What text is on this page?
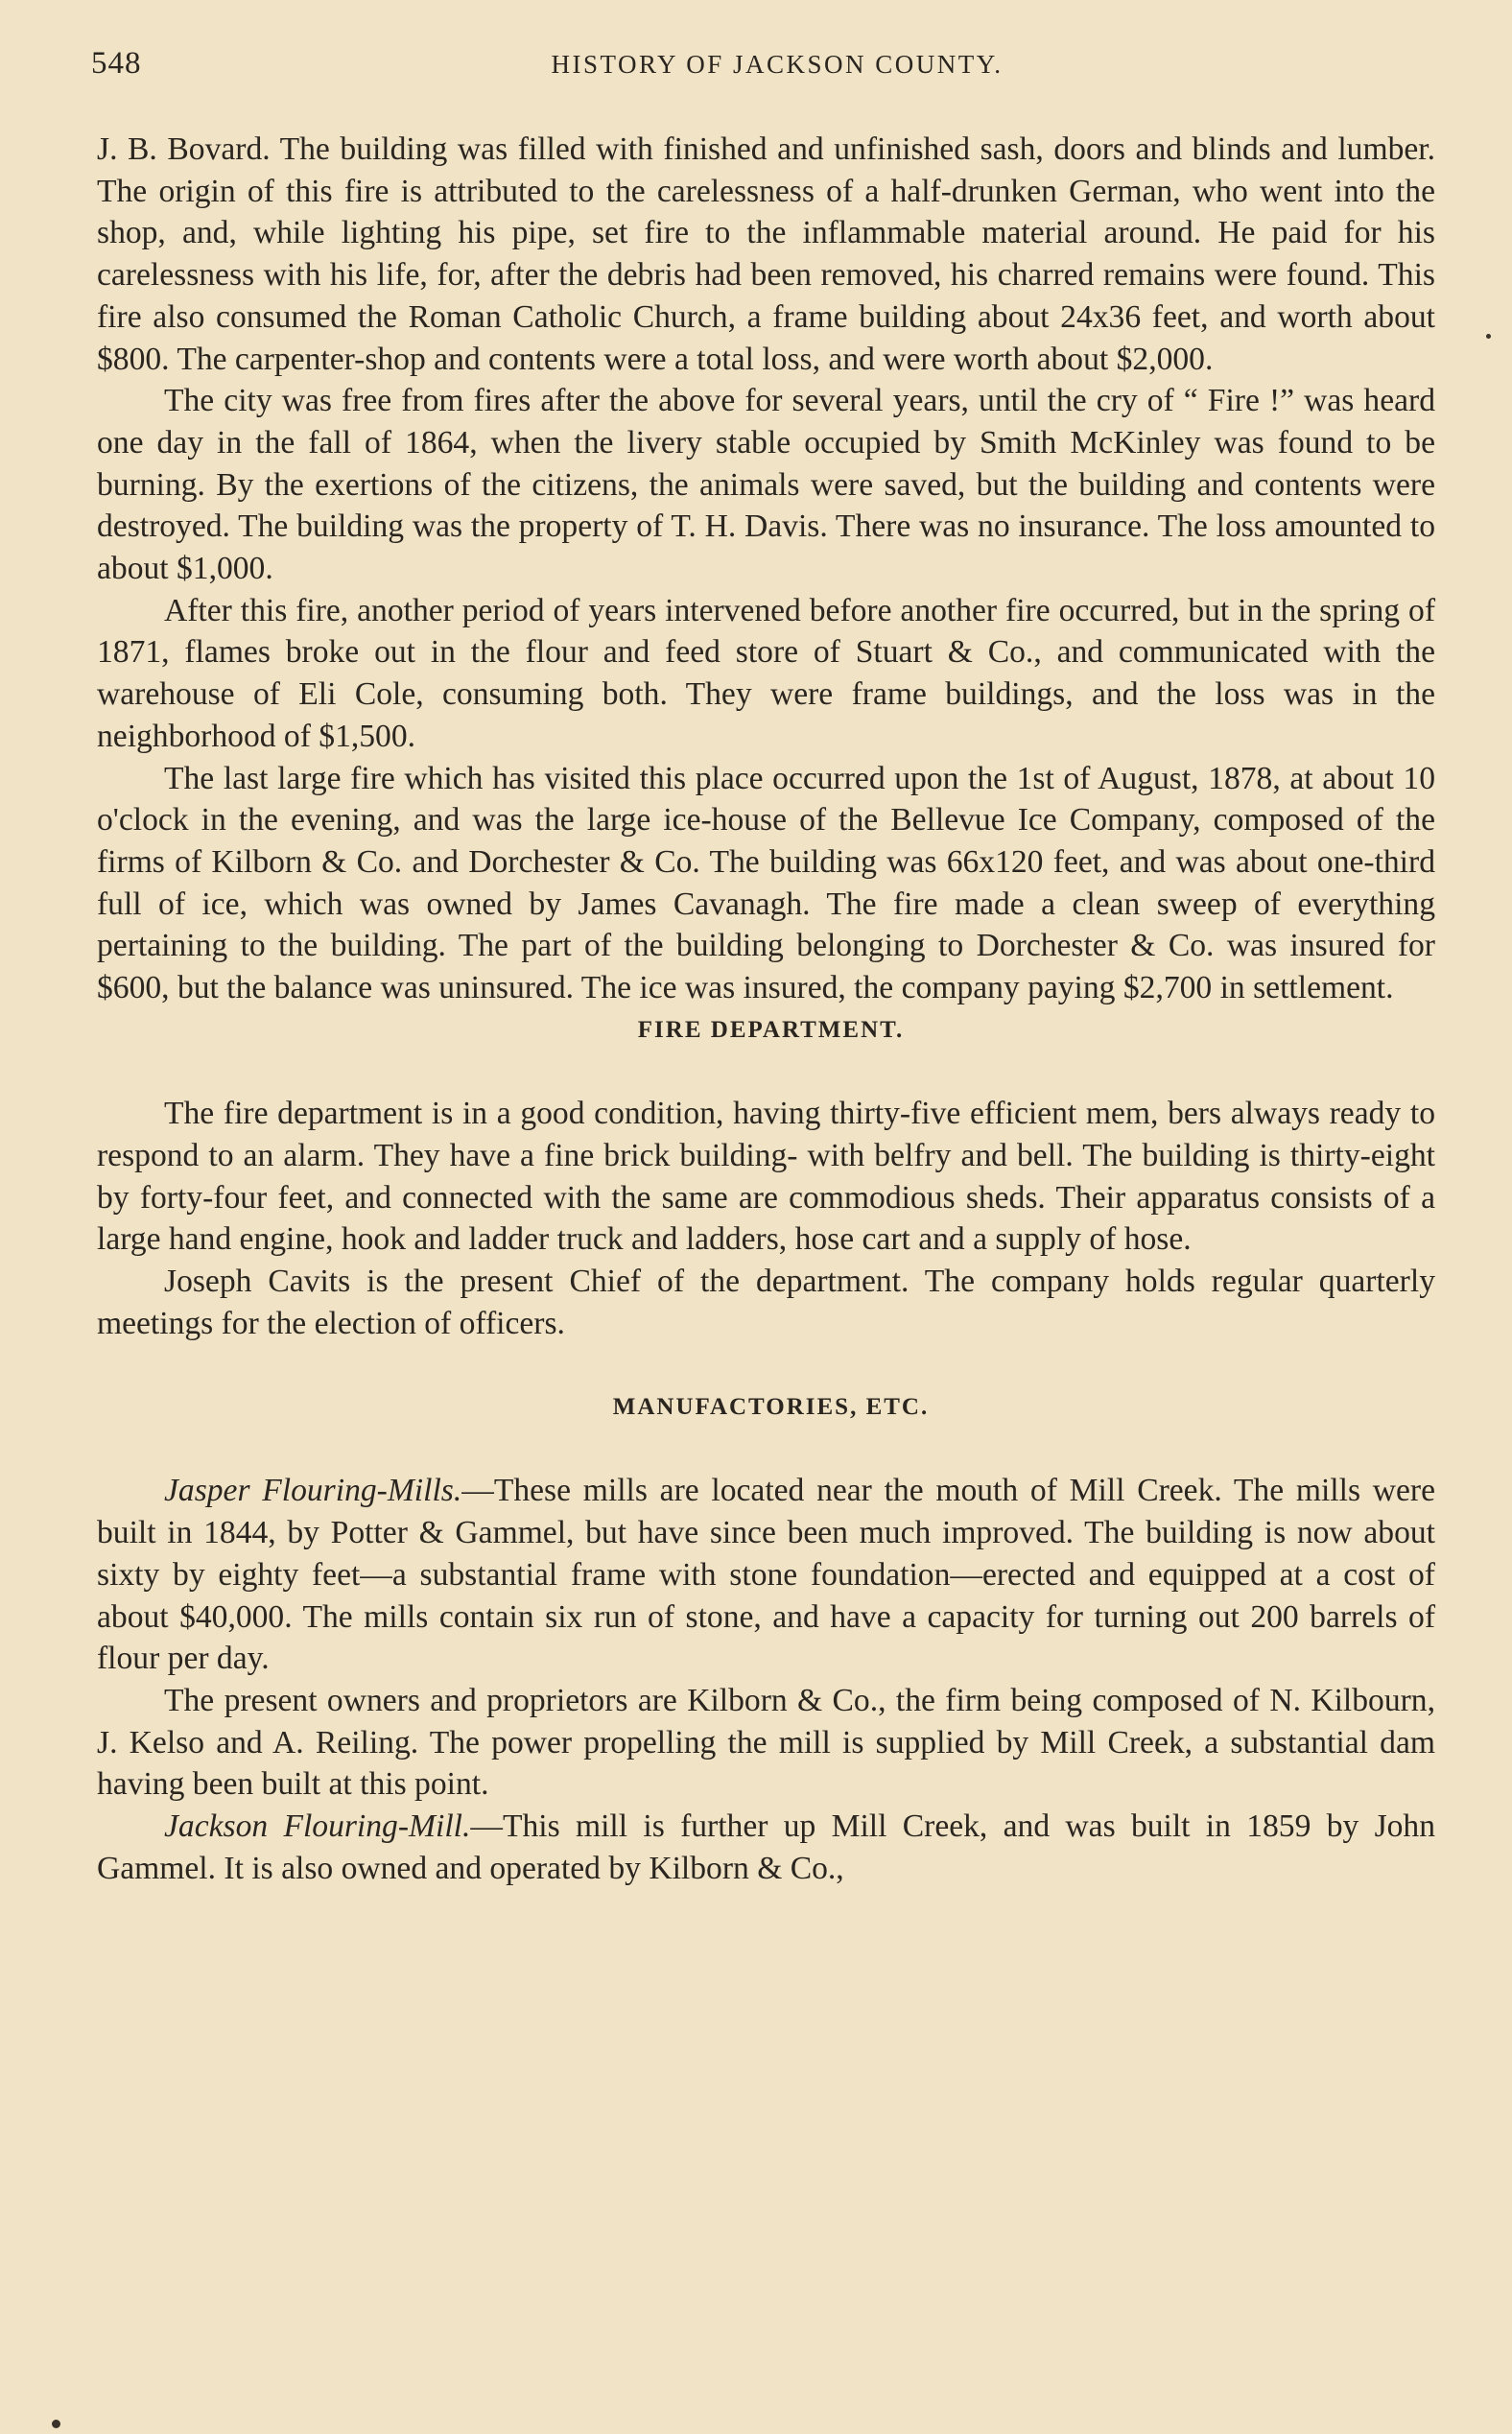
548	HISTORY OF JACKSON COUNTY.

J. B. Bovard. The building was filled with finished and unfinished sash, doors and blinds and lumber. The origin of this fire is attributed to the carelessness of a half-drunken German, who went into the shop, and, while lighting his pipe, set fire to the inflammable material around. He paid for his carelessness with his life, for, after the debris had been removed, his charred remains were found. This fire also consumed the Roman Catholic Church, a frame building about 24x36 feet, and worth about $800. The carpenter-shop and contents were a total loss, and were worth about $2,000.

The city was free from fires after the above for several years, until the cry of “ Fire !” was heard one day in the fall of 1864, when the livery stable occupied by Smith McKinley was found to be burning. By the exertions of the citizens, the animals were saved, but the building and contents were destroyed. The building was the property of T. H. Davis. There was no insurance. The loss amounted to about $1,000.

After this fire, another period of years intervened before another fire occurred, but in the spring of 1871, flames broke out in the flour and feed store of Stuart & Co., and communicated with the warehouse of Eli Cole, consuming both. They were frame buildings, and the loss was in the neighborhood of $1,500.

The last large fire which has visited this place occurred upon the 1st of August, 1878, at about 10 o'clock in the evening, and was the large ice-house of the Bellevue Ice Company, composed of the firms of Kilborn & Co. and Dorchester & Co. The building was 66x120 feet, and was about one-third full of ice, which was owned by James Cavanagh. The fire made a clean sweep of everything pertaining to the building. The part of the building belonging to Dorchester & Co. was insured for $600, but the balance was uninsured. The ice was insured, the company paying $2,700 in settlement.

FIRE DEPARTMENT.

The fire department is in a good condition, having thirty-five efficient mem, bers always ready to respond to an alarm. They have a fine brick building- with belfry and bell. The building is thirty-eight by forty-four feet, and connected with the same are commodious sheds. Their apparatus consists of a large hand engine, hook and ladder truck and ladders, hose cart and a supply of hose.

Joseph Cavits is the present Chief of the department. The company holds regular quarterly meetings for the election of officers.

MANUFACTORIES, ETC.

Jasper Flouring-Mills.—These mills are located near the mouth of Mill Creek. The mills were built in 1844, by Potter & Gammel, but have since been much improved. The building is now about sixty by eighty feet—a substantial frame with stone foundation—erected and equipped at a cost of about $40,000. The mills contain six run of stone, and have a capacity for turning out 200 barrels of flour per day.

The present owners and proprietors are Kilborn & Co., the firm being composed of N. Kilbourn, J. Kelso and A. Reiling. The power propelling the mill is supplied by Mill Creek, a substantial dam having been built at this point.

Jackson Flouring-Mill.—This mill is further up Mill Creek, and was built in 1859 by John Gammel. It is also owned and operated by Kilborn & Co.,
